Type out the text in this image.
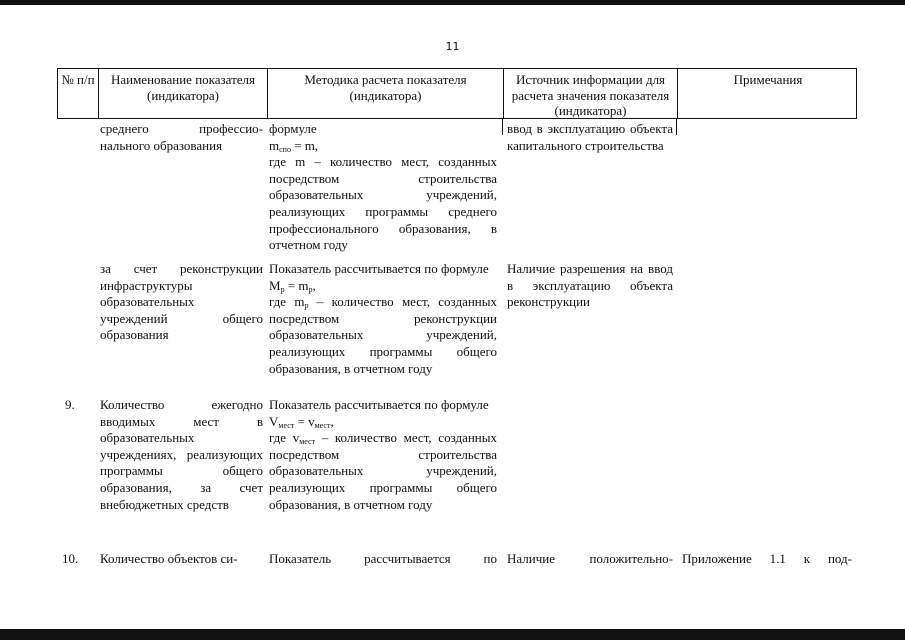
11
№ п/п	Наименование показателя (индикатора)
Методика расчета показателя (индикатора)
Источник информации для расчета значения показателя (индикатора)
Примечания
среднего профессио-нального образования

формуле

$m_{спо} = m$,

где m – количество мест, созданных посредством строительства образовательных учреждений, реализующих программы среднего профессионального образования, в отчетном году

ввод в эксплуатацию объекта капитального строительства
за счет реконструкции инфраструктуры образовательных учреждений общего образования

Показатель рассчитывается по формуле

$M_р = m_р$,

где $m_р$ – количество мест, созданных посредством реконструкции образовательных учреждений, реализующих программы общего образования, в отчетном году

Наличие разрешения на ввод в эксплуатацию объекта реконструкции
9. Количество ежегодно вводимых мест в образовательных учреждениях, реализующих программы общего образования, за счет внебюджетных средств

Показатель рассчитывается по формуле

$V_{мест} = v_{мест}$,

где $v_{мест}$ – количество мест, созданных посредством строительства образовательных учреждений, реализующих программы общего образования, в отчетном году

10. Количество объектов си-	Показатель рассчитывается по Наличие положительно- Приложение 1.1 к под-
